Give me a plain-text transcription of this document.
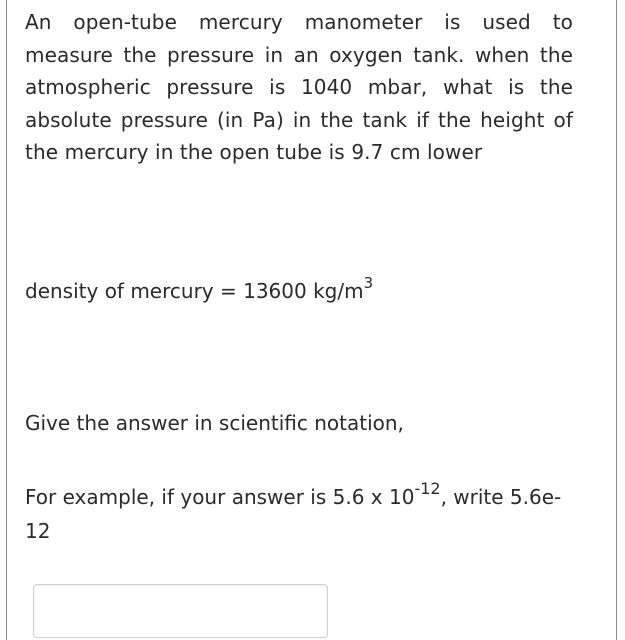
An open-tube mercury manometer is used to measure the pressure in an oxygen tank. when the atmospheric pressure is 1040 mbar, what is the absolute pressure (in Pa) in the tank if the height of the mercury in the open tube is 9.7 cm lower

density of mercury = 13600 $kg/m^3$
Give the answer in scientific notation,
For example, if your answer is 5.6 x $10^{-12}$, write 5.6e-12
